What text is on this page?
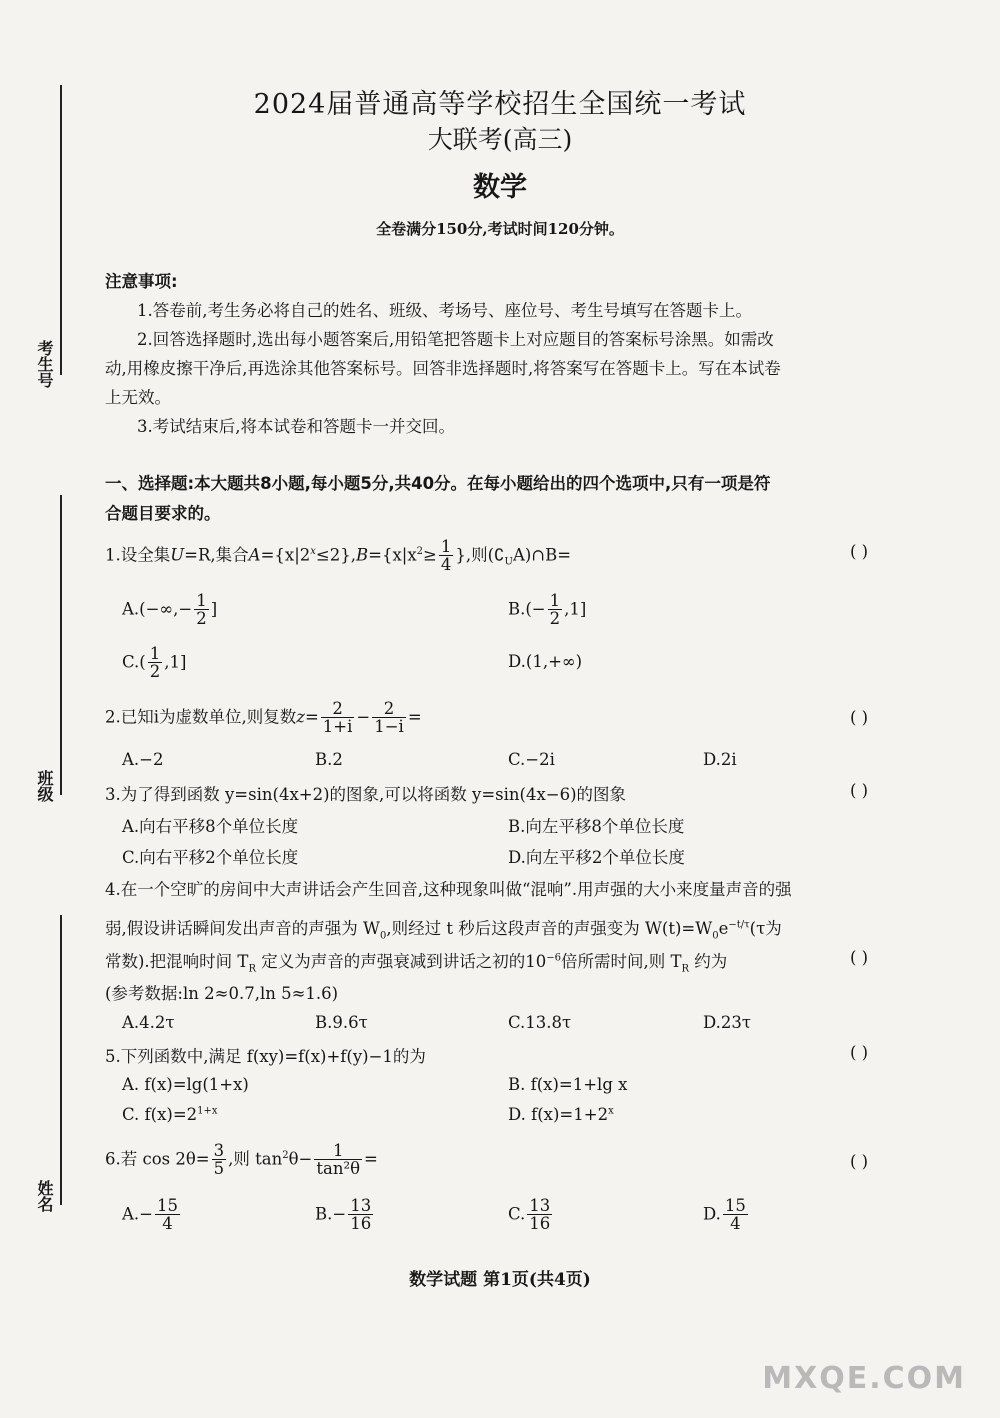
考生号
班级
姓名
2024届普通高等学校招生全国统一考试
大联考(高三)
数学
全卷满分150分,考试时间120分钟。
注意事项:
1.答卷前,考生务必将自己的姓名、班级、考场号、座位号、考生号填写在答题卡上。
2.回答选择题时,选出每小题答案后,用铅笔把答题卡上对应题目的答案标号涂黑。如需改
动,用橡皮擦干净后,再选涂其他答案标号。回答非选择题时,将答案写在答题卡上。写在本试卷
上无效。
3.考试结束后,将本试卷和答题卡一并交回。
一、选择题:本大题共8小题,每小题5分,共40分。在每小题给出的四个选项中,只有一项是符
合题目要求的。
1.设全集U=R,集合$A=\{x|2^x\le 2\},B=\{x|x^2\ge \frac{1}{4}$ },则$(∁_UA)\cap B=$	( )
$A.(-\infty,- \frac{1}{2}$ ]	$B.(- \frac{1}{2} ,1]$
$C.( \frac{1}{2} ,1]$	D.(1,+∞)
2.已知i为虚数单位,则复数$z= \frac{2}{1+i} - \frac{2}{1-i}$ =	( )
A.−2	B.2	C.−2i	D.2i
3.为了得到函数 y=sin(4x+2)的图象,可以将函数 y=sin(4x−6)的图象	( )
A.向右平移8个单位长度	B.向左平移8个单位长度
C.向右平移2个单位长度	D.向左平移2个单位长度
4.在一个空旷的房间中大声讲话会产生回音,这种现象叫做“混响”.用声强的大小来度量声音的强
弱,假设讲话瞬间发出声音的声强为 $W_0$,则经过 t 秒后这段声音的声强变为 $W(t)=W_0e^{-t/\tau}(\tau$为
常数).把混响时间 $T_R$ 定义为声音的声强衰减到讲话之初的$10^{-6}$倍所需时间,则 $T_R$ 约为	( )
(参考数据:ln 2≈0.7,ln 5≈1.6)
A.4.2τ	B.9.6τ	C.13.8τ	D.23τ
5.下列函数中,满足 f(xy)=f(x)+f(y)−1的为	( )
A. f(x)=lg(1+x)	B. f(x)=1+lg x
C. $f(x)=2^{1+x}$	D. $f(x)=1+2^x$
6.若 $\cos 2\theta= \frac{3}{5}$ ,则 $\tan^2\theta- \frac{1}{\text{tan²θ}}$ =	( )
$A.- \frac{15}{4}$	$B.- \frac{13}{16}$	C. $\frac{13}{16}$	D. $\frac{15}{4}$
数学试题 第1页(共4页)
MXQE.COM
